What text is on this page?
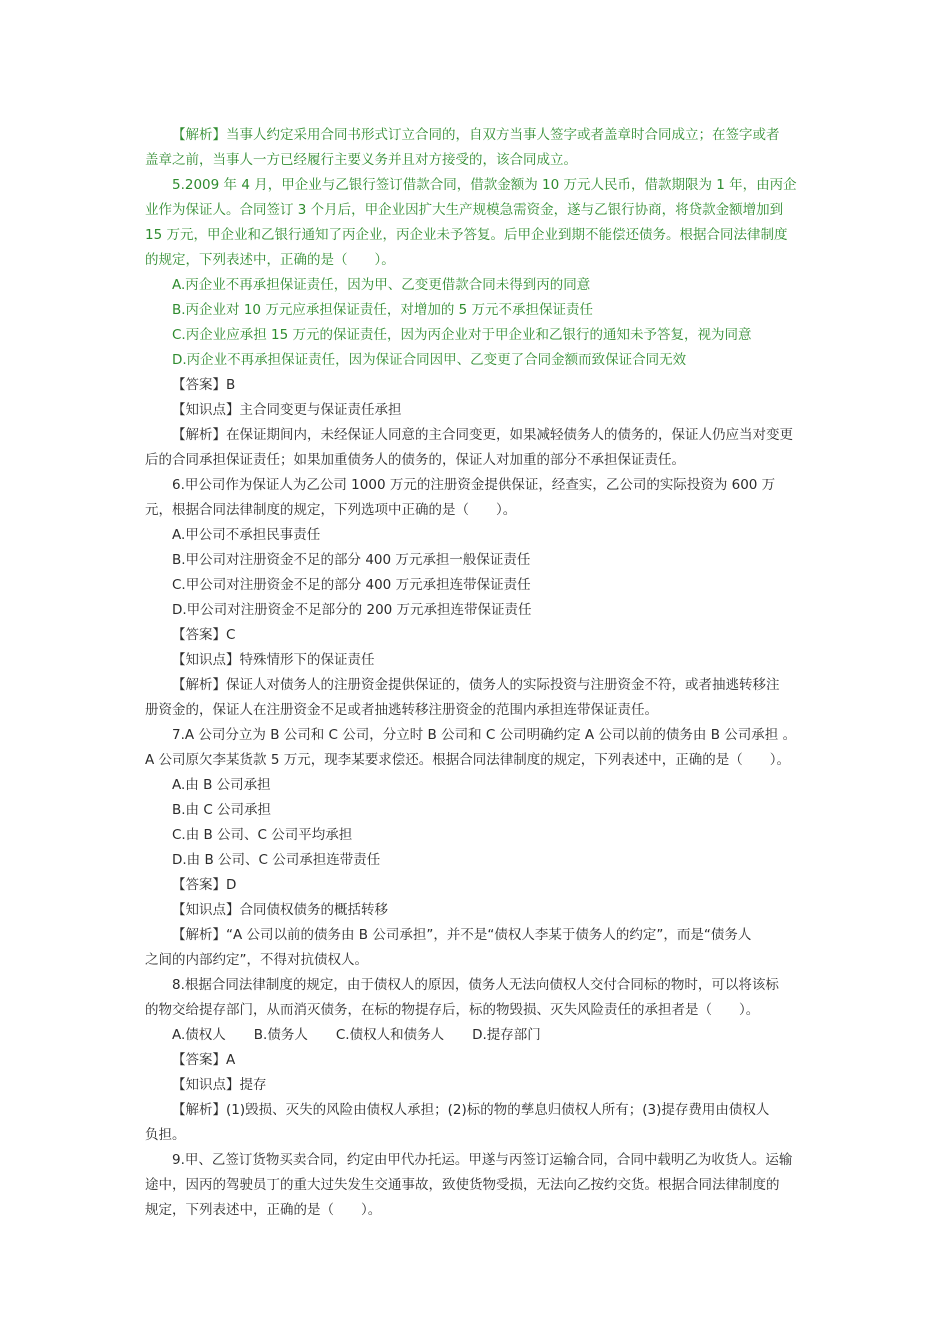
【解析】当事人约定采用合同书形式订立合同的，自双方当事人签字或者盖章时合同成立；在签字或者
盖章之前，当事人一方已经履行主要义务并且对方接受的，该合同成立。
5.2009 年 4 月，甲企业与乙银行签订借款合同，借款金额为 10 万元人民币，借款期限为 1 年，由丙企
业作为保证人。合同签订 3 个月后，甲企业因扩大生产规模急需资金，遂与乙银行协商，将贷款金额增加到
15 万元，甲企业和乙银行通知了丙企业，丙企业未予答复。后甲企业到期不能偿还债务。根据合同法律制度
的规定，下列表述中，正确的是（　　）。
A.丙企业不再承担保证责任，因为甲、乙变更借款合同未得到丙的同意
B.丙企业对 10 万元应承担保证责任，对增加的 5 万元不承担保证责任
C.丙企业应承担 15 万元的保证责任，因为丙企业对于甲企业和乙银行的通知未予答复，视为同意
D.丙企业不再承担保证责任，因为保证合同因甲、乙变更了合同金额而致保证合同无效
【答案】B
【知识点】主合同变更与保证责任承担
【解析】在保证期间内，未经保证人同意的主合同变更，如果减轻债务人的债务的，保证人仍应当对变更
后的合同承担保证责任；如果加重债务人的债务的，保证人对加重的部分不承担保证责任。
6.甲公司作为保证人为乙公司 1000 万元的注册资金提供保证，经查实，乙公司的实际投资为 600 万
元，根据合同法律制度的规定，下列选项中正确的是（　　）。
A.甲公司不承担民事责任
B.甲公司对注册资金不足的部分 400 万元承担一般保证责任
C.甲公司对注册资金不足的部分 400 万元承担连带保证责任
D.甲公司对注册资金不足部分的 200 万元承担连带保证责任
【答案】C
【知识点】特殊情形下的保证责任
【解析】保证人对债务人的注册资金提供保证的，债务人的实际投资与注册资金不符，或者抽逃转移注
册资金的，保证人在注册资金不足或者抽逃转移注册资金的范围内承担连带保证责任。
7.A 公司分立为 B 公司和 C 公司，分立时 B 公司和 C 公司明确约定 A 公司以前的债务由 B 公司承担 。
A 公司原欠李某货款 5 万元，现李某要求偿还。根据合同法律制度的规定，下列表述中，正确的是（　　）。
A.由 B 公司承担
B.由 C 公司承担
C.由 B 公司、C 公司平均承担
D.由 B 公司、C 公司承担连带责任
【答案】D
【知识点】合同债权债务的概括转移
【解析】“A 公司以前的债务由 B 公司承担”，并不是“债权人李某于债务人的约定”，而是“债务人
之间的内部约定”，不得对抗债权人。
8.根据合同法律制度的规定，由于债权人的原因，债务人无法向债权人交付合同标的物时，可以将该标
的物交给提存部门，从而消灭债务，在标的物提存后，标的物毁损、灭失风险责任的承担者是（　　）。
A.债权人 B.债务人 C.债权人和债务人 D.提存部门
【答案】A
【知识点】提存
【解析】(1)毁损、灭失的风险由债权人承担；(2)标的物的孳息归债权人所有；(3)提存费用由债权人
负担。
9.甲、乙签订货物买卖合同，约定由甲代办托运。甲遂与丙签订运输合同，合同中载明乙为收货人。运输
途中，因丙的驾驶员丁的重大过失发生交通事故，致使货物受损，无法向乙按约交货。根据合同法律制度的
规定，下列表述中，正确的是（　　）。
